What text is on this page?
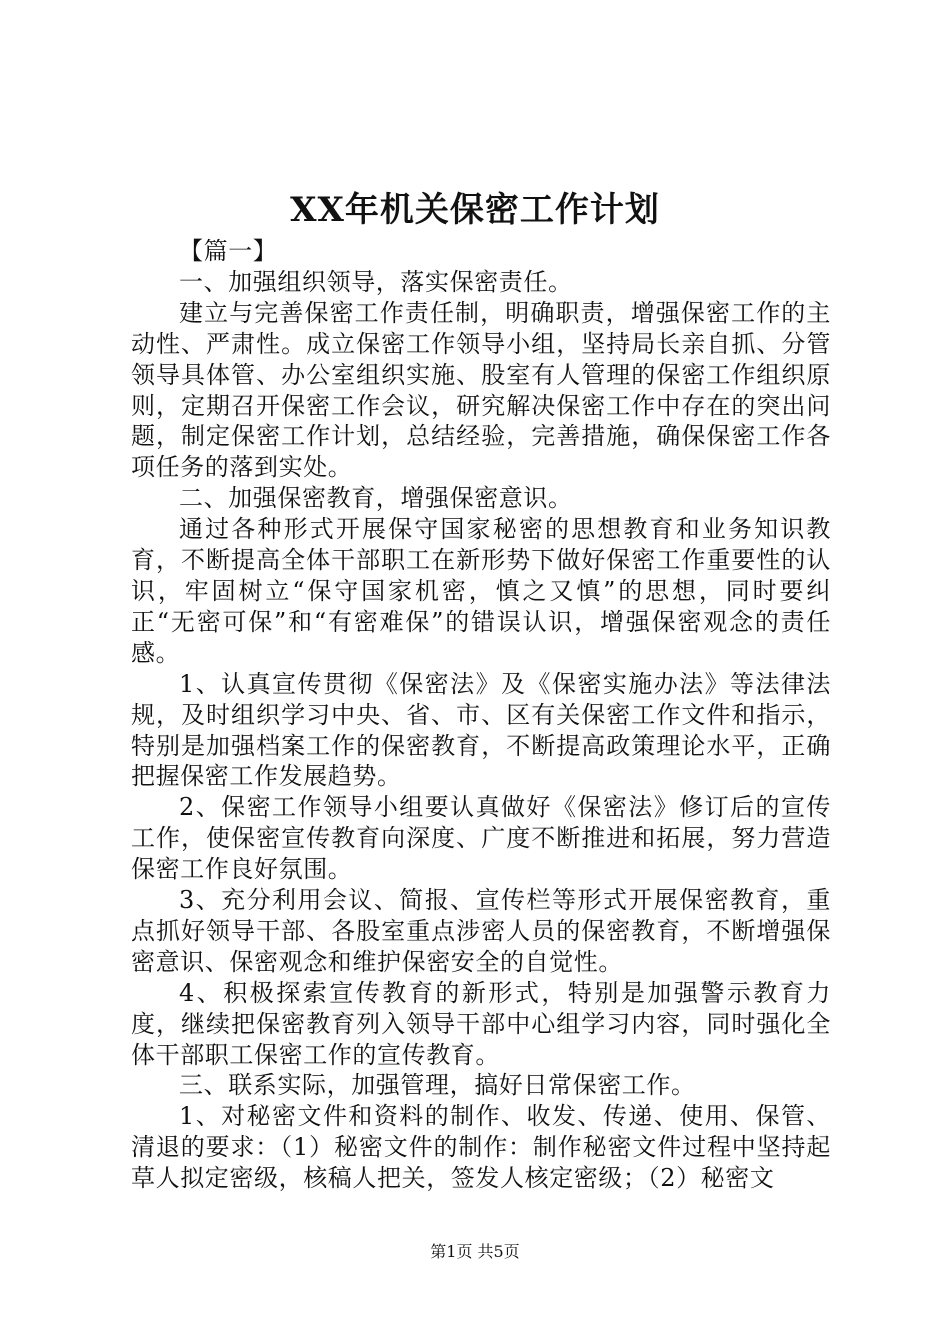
XX年机关保密工作计划

【篇一】

一、加强组织领导，落实保密责任。

建立与完善保密工作责任制，明确职责，增强保密工作的主动性、严肃性。成立保密工作领导小组，坚持局长亲自抓、分管领导具体管、办公室组织实施、股室有人管理的保密工作组织原则，定期召开保密工作会议，研究解决保密工作中存在的突出问题，制定保密工作计划，总结经验，完善措施，确保保密工作各项任务的落到实处。

二、加强保密教育，增强保密意识。

通过各种形式开展保守国家秘密的思想教育和业务知识教育，不断提高全体干部职工在新形势下做好保密工作重要性的认识，牢固树立“保守国家机密，慎之又慎”的思想，同时要纠正“无密可保”和“有密难保”的错误认识，增强保密观念的责任感。

1、认真宣传贯彻《保密法》及《保密实施办法》等法律法规，及时组织学习中央、省、市、区有关保密工作文件和指示，特别是加强档案工作的保密教育，不断提高政策理论水平，正确把握保密工作发展趋势。

2、保密工作领导小组要认真做好《保密法》修订后的宣传工作，使保密宣传教育向深度、广度不断推进和拓展，努力营造保密工作良好氛围。

3、充分利用会议、简报、宣传栏等形式开展保密教育，重点抓好领导干部、各股室重点涉密人员的保密教育，不断增强保密意识、保密观念和维护保密安全的自觉性。

4、积极探索宣传教育的新形式，特别是加强警示教育力度，继续把保密教育列入领导干部中心组学习内容，同时强化全体干部职工保密工作的宣传教育。

三、联系实际，加强管理，搞好日常保密工作。

1、对秘密文件和资料的制作、收发、传递、使用、保管、清退的要求：（1）秘密文件的制作：制作秘密文件过程中坚持起草人拟定密级，核稿人把关，签发人核定密级；（2）秘密文

第1页 共5页
